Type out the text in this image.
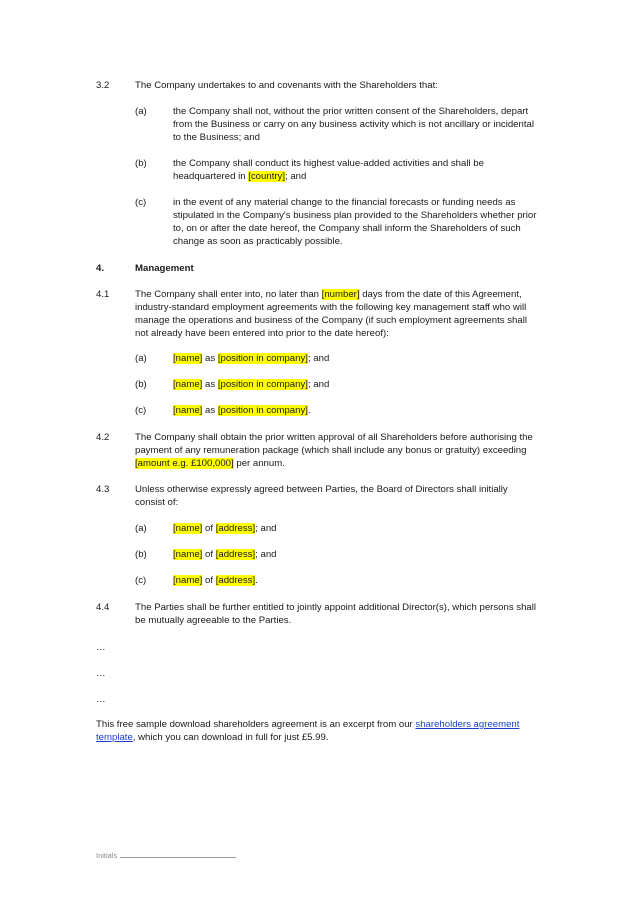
3.2	The Company undertakes to and covenants with the Shareholders that:
(a)	the Company shall not, without the prior written consent of the Shareholders, depart from the Business or carry on any business activity which is not ancillary or incidental to the Business; and
(b)	the Company shall conduct its highest value-added activities and shall be headquartered in [country]; and
(c)	in the event of any material change to the financial forecasts or funding needs as stipulated in the Company's business plan provided to the Shareholders whether prior to, on or after the date hereof, the Company shall inform the Shareholders of such change as soon as practicably possible.
4.	Management
4.1	The Company shall enter into, no later than [number] days from the date of this Agreement, industry-standard employment agreements with the following key management staff who will manage the operations and business of the Company (if such employment agreements shall not already have been entered into prior to the date hereof):
(a)	[name] as [position in company]; and
(b)	[name] as [position in company]; and
(c)	[name] as [position in company].
4.2	The Company shall obtain the prior written approval of all Shareholders before authorising the payment of any remuneration package (which shall include any bonus or gratuity) exceeding [amount e.g. £100,000] per annum.
4.3	Unless otherwise expressly agreed between Parties, the Board of Directors shall initially consist of:
(a)	[name] of [address]; and
(b)	[name] of [address]; and
(c)	[name] of [address].
4.4	The Parties shall be further entitled to jointly appoint additional Director(s), which persons shall be mutually agreeable to the Parties.
…
…
…
This free sample download shareholders agreement is an excerpt from our shareholders agreement template, which you can download in full for just £5.99.
Initials
